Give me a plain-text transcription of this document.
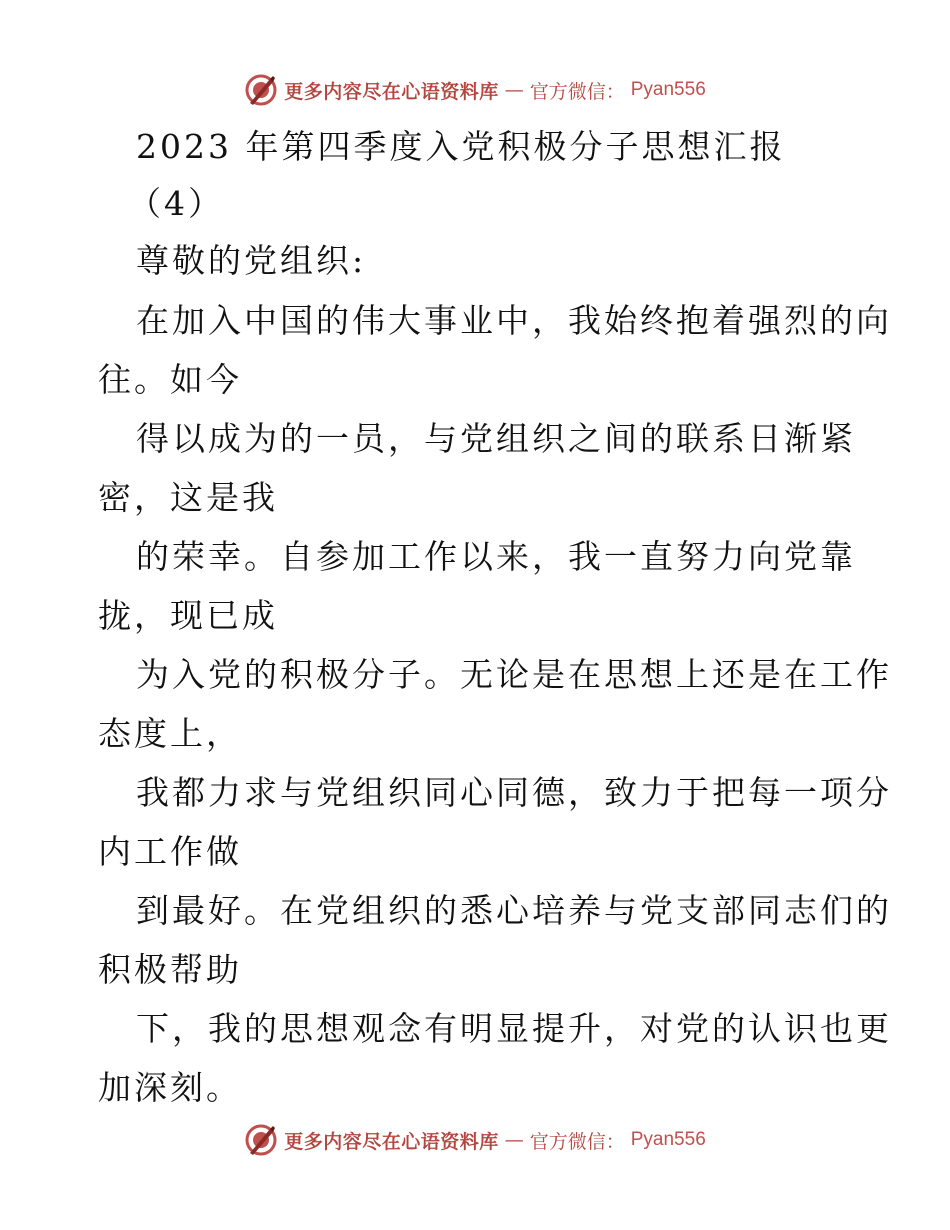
更多内容尽在心语资料库 — 官方微信： Pyan556
2023 年第四季度入党积极分子思想汇报
（4）
尊敬的党组织:
在加入中国的伟大事业中，我始终抱着强烈的向
往。如今
得以成为的一员，与党组织之间的联系日渐紧
密，这是我
的荣幸。自参加工作以来，我一直努力向党靠
拢，现已成
为入党的积极分子。无论是在思想上还是在工作
态度上，
我都力求与党组织同心同德，致力于把每一项分
内工作做
到最好。在党组织的悉心培养与党支部同志们的
积极帮助
下，我的思想观念有明显提升，对党的认识也更
加深刻。
更多内容尽在心语资料库 — 官方微信： Pyan556
